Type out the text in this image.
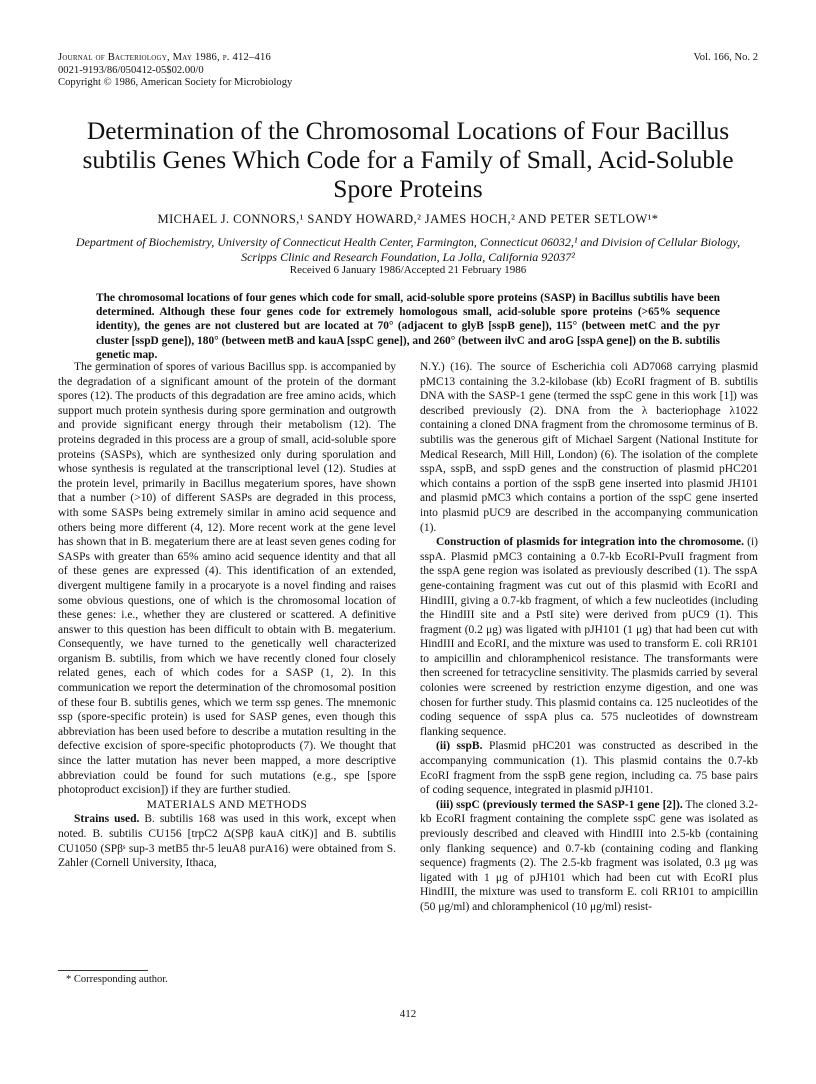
Journal of Bacteriology, May 1986, p. 412–416
0021-9193/86/050412-05$02.00/0
Copyright © 1986, American Society for Microbiology
Vol. 166, No. 2
Determination of the Chromosomal Locations of Four Bacillus subtilis Genes Which Code for a Family of Small, Acid-Soluble Spore Proteins
MICHAEL J. CONNORS,¹ SANDY HOWARD,² JAMES HOCH,² AND PETER SETLOW¹*
Department of Biochemistry, University of Connecticut Health Center, Farmington, Connecticut 06032,¹ and Division of Cellular Biology, Scripps Clinic and Research Foundation, La Jolla, California 92037²
Received 6 January 1986/Accepted 21 February 1986
The chromosomal locations of four genes which code for small, acid-soluble spore proteins (SASP) in Bacillus subtilis have been determined. Although these four genes code for extremely homologous small, acid-soluble spore proteins (>65% sequence identity), the genes are not clustered but are located at 70° (adjacent to glyB [sspB gene]), 115° (between metC and the pyr cluster [sspD gene]), 180° (between metB and kauA [sspC gene]), and 260° (between ilvC and aroG [sspA gene]) on the B. subtilis genetic map.

The germination of spores of various Bacillus spp. is accompanied by the degradation of a significant amount of the protein of the dormant spores (12). The products of this degradation are free amino acids, which support much protein synthesis during spore germination and outgrowth and provide significant energy through their metabolism (12). The proteins degraded in this process are a group of small, acid-soluble spore proteins (SASPs), which are synthesized only during sporulation and whose synthesis is regulated at the transcriptional level (12). Studies at the protein level, primarily in Bacillus megaterium spores, have shown that a number (>10) of different SASPs are degraded in this process, with some SASPs being extremely similar in amino acid sequence and others being more different (4, 12). More recent work at the gene level has shown that in B. megaterium there are at least seven genes coding for SASPs with greater than 65% amino acid sequence identity and that all of these genes are expressed (4). This identification of an extended, divergent multigene family in a procaryote is a novel finding and raises some obvious questions, one of which is the chromosomal location of these genes: i.e., whether they are clustered or scattered. A definitive answer to this question has been difficult to obtain with B. megaterium. Consequently, we have turned to the genetically well characterized organism B. subtilis, from which we have recently cloned four closely related genes, each of which codes for a SASP (1, 2). In this communication we report the determination of the chromosomal position of these four B. subtilis genes, which we term ssp genes. The mnemonic ssp (spore-specific protein) is used for SASP genes, even though this abbreviation has been used before to describe a mutation resulting in the defective excision of spore-specific photoproducts (7). We thought that since the latter mutation has never been mapped, a more descriptive abbreviation could be found for such mutations (e.g., spe [spore photoproduct excision]) if they are further studied.

MATERIALS AND METHODS

Strains used. B. subtilis 168 was used in this work, except when noted. B. subtilis CU156 [trpC2 Δ(SPβ kauA citK)] and B. subtilis CU1050 (SPβˢ sup-3 metB5 thr-5 leuA8 purA16) were obtained from S. Zahler (Cornell University, Ithaca,

N.Y.) (16). The source of Escherichia coli AD7068 carrying plasmid pMC13 containing the 3.2-kilobase (kb) EcoRI fragment of B. subtilis DNA with the SASP-1 gene (termed the sspC gene in this work [1]) was described previously (2). DNA from the λ bacteriophage λ1022 containing a cloned DNA fragment from the chromosome terminus of B. subtilis was the generous gift of Michael Sargent (National Institute for Medical Research, Mill Hill, London) (6). The isolation of the complete sspA, sspB, and sspD genes and the construction of plasmid pHC201 which contains a portion of the sspB gene inserted into plasmid JH101 and plasmid pMC3 which contains a portion of the sspC gene inserted into plasmid pUC9 are described in the accompanying communication (1).

Construction of plasmids for integration into the chromosome. (i) sspA. Plasmid pMC3 containing a 0.7-kb EcoRI-PvuII fragment from the sspA gene region was isolated as previously described (1). The sspA gene-containing fragment was cut out of this plasmid with EcoRI and HindIII, giving a 0.7-kb fragment, of which a few nucleotides (including the HindIII site and a PstI site) were derived from pUC9 (1). This fragment (0.2 μg) was ligated with pJH101 (1 μg) that had been cut with HindIII and EcoRI, and the mixture was used to transform E. coli RR101 to ampicillin and chloramphenicol resistance. The transformants were then screened for tetracycline sensitivity. The plasmids carried by several colonies were screened by restriction enzyme digestion, and one was chosen for further study. This plasmid contains ca. 125 nucleotides of the coding sequence of sspA plus ca. 575 nucleotides of downstream flanking sequence.

(ii) sspB. Plasmid pHC201 was constructed as described in the accompanying communication (1). This plasmid contains the 0.7-kb EcoRI fragment from the sspB gene region, including ca. 75 base pairs of coding sequence, integrated in plasmid pJH101.

(iii) sspC (previously termed the SASP-1 gene [2]). The cloned 3.2-kb EcoRI fragment containing the complete sspC gene was isolated as previously described and cleaved with HindIII into 2.5-kb (containing only flanking sequence) and 0.7-kb (containing coding and flanking sequence) fragments (2). The 2.5-kb fragment was isolated, 0.3 μg was ligated with 1 μg of pJH101 which had been cut with EcoRI plus HindIII, the mixture was used to transform E. coli RR101 to ampicillin (50 μg/ml) and chloramphenicol (10 μg/ml) resist-

* Corresponding author.
412
